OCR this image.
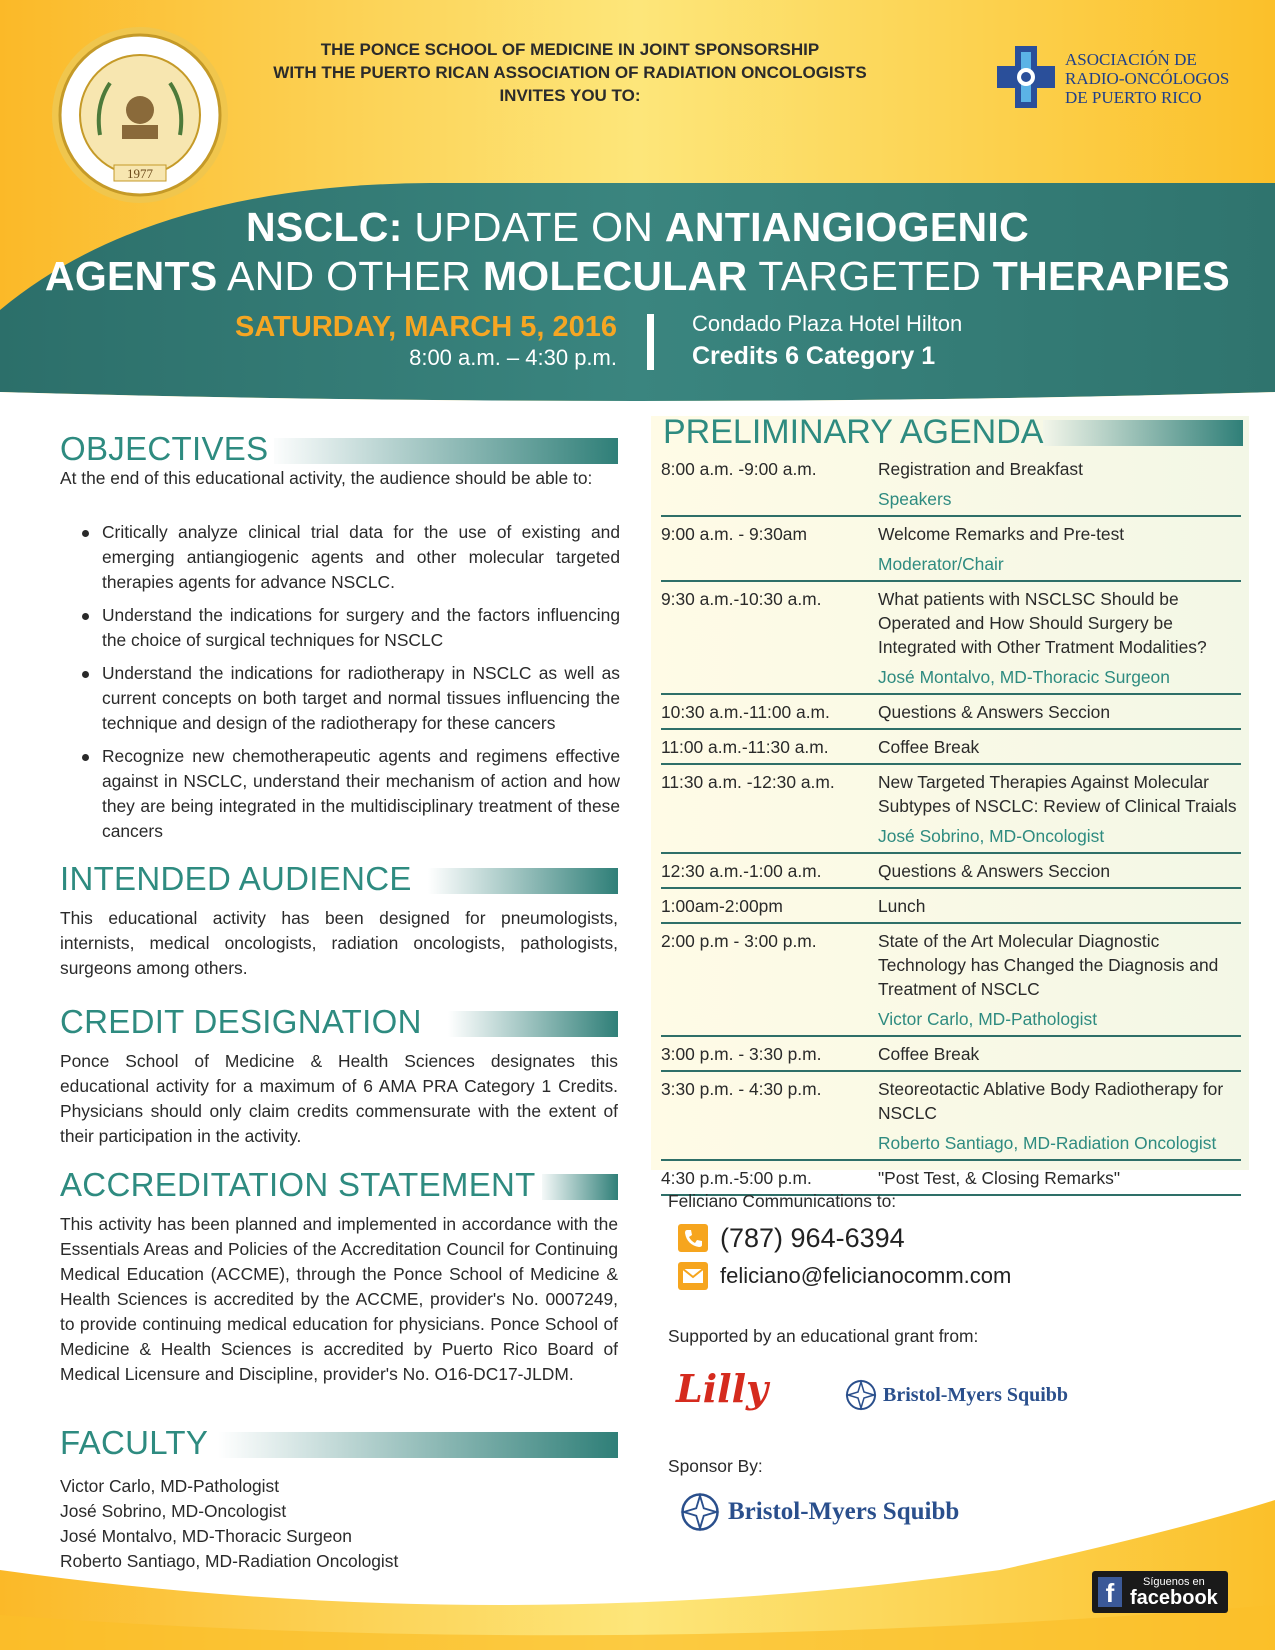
1977
THE PONCE SCHOOL OF MEDICINE IN JOINT SPONSORSHIP
WITH THE PUERTO RICAN ASSOCIATION OF RADIATION ONCOLOGISTS
INVITES YOU TO:
ASOCIACIÓN DE
RADIO-ONCÓLOGOS
DE PUERTO RICO
NSCLC: UPDATE ON ANTIANGIOGENIC
AGENTS AND OTHER MOLECULAR TARGETED THERAPIES
SATURDAY, MARCH 5, 2016
8:00 a.m. – 4:30 p.m.
Condado Plaza Hotel Hilton
Credits 6 Category 1
OBJECTIVES
At the end of this educational activity, the audience should be able to:
Critically analyze clinical trial data for the use of existing and emerging antiangiogenic agents and other molecular targeted therapies agents for advance NSCLC.
Understand the indications for surgery and the factors influencing the choice of surgical techniques for NSCLC
Understand the indications for radiotherapy in NSCLC as well as current concepts on both target and normal tissues influencing the technique and design of the radiotherapy for these cancers
Recognize new chemotherapeutic agents and regimens effective against in NSCLC, understand their mechanism of action and how they are being integrated in the multidisciplinary treatment of these cancers
INTENDED AUDIENCE
This educational activity has been designed for pneumologists, internists, medical oncologists, radiation oncologists, pathologists, surgeons among others.
CREDIT DESIGNATION
Ponce School of Medicine & Health Sciences designates this educational activity for a maximum of 6 AMA PRA Category 1 Credits. Physicians should only claim credits commensurate with the extent of their participation in the activity.
ACCREDITATION STATEMENT
This activity has been planned and implemented in accordance with the Essentials Areas and Policies of the Accreditation Council for Continuing Medical Education (ACCME), through the Ponce School of Medicine & Health Sciences is accredited by the ACCME, provider's No. 0007249, to provide continuing medical education for physicians. Ponce School of Medicine & Health Sciences is accredited by Puerto Rico Board of Medical Licensure and Discipline, provider's No. O16-DC17-JLDM.
FACULTY
Victor Carlo, MD-Pathologist
José Sobrino, MD-Oncologist
José Montalvo, MD-Thoracic Surgeon
Roberto Santiago, MD-Radiation Oncologist
PRELIMINARY AGENDA
8:00 a.m. -9:00 a.m.	Registration and Breakfast
Speakers
9:00 a.m. - 9:30am	Welcome Remarks and Pre-test
Moderator/Chair
9:30 a.m.-10:30 a.m.	What patients with NSCLSC Should be Operated and How Should Surgery be Integrated with Other Tratment Modalities?
José Montalvo, MD-Thoracic Surgeon
10:30 a.m.-11:00 a.m.	Questions & Answers Seccion
11:00 a.m.-11:30 a.m.	Coffee Break
11:30 a.m. -12:30 a.m.	New Targeted Therapies Against Molecular Subtypes of NSCLC: Review of Clinical Traials
José Sobrino, MD-Oncologist
12:30 a.m.-1:00 a.m.	Questions & Answers Seccion
1:00am-2:00pm	Lunch
2:00 p.m - 3:00 p.m.	State of the Art Molecular Diagnostic Technology has Changed the Diagnosis and Treatment of NSCLC
Victor Carlo, MD-Pathologist
3:00 p.m. - 3:30 p.m.	Coffee Break
3:30 p.m. - 4:30 p.m.	Steoreotactic Ablative Body Radiotherapy for NSCLC
Roberto Santiago, MD-Radiation Oncologist
4:30 p.m.-5:00 p.m.	"Post Test, & Closing Remarks"
Feliciano Communications to:
(787) 964-6394
feliciano@felicianocomm.com
Supported by an educational grant from:
Lilly	Bristol-Myers Squibb
Sponsor By:
Bristol-Myers Squibb
f	Síguenos en
facebook
